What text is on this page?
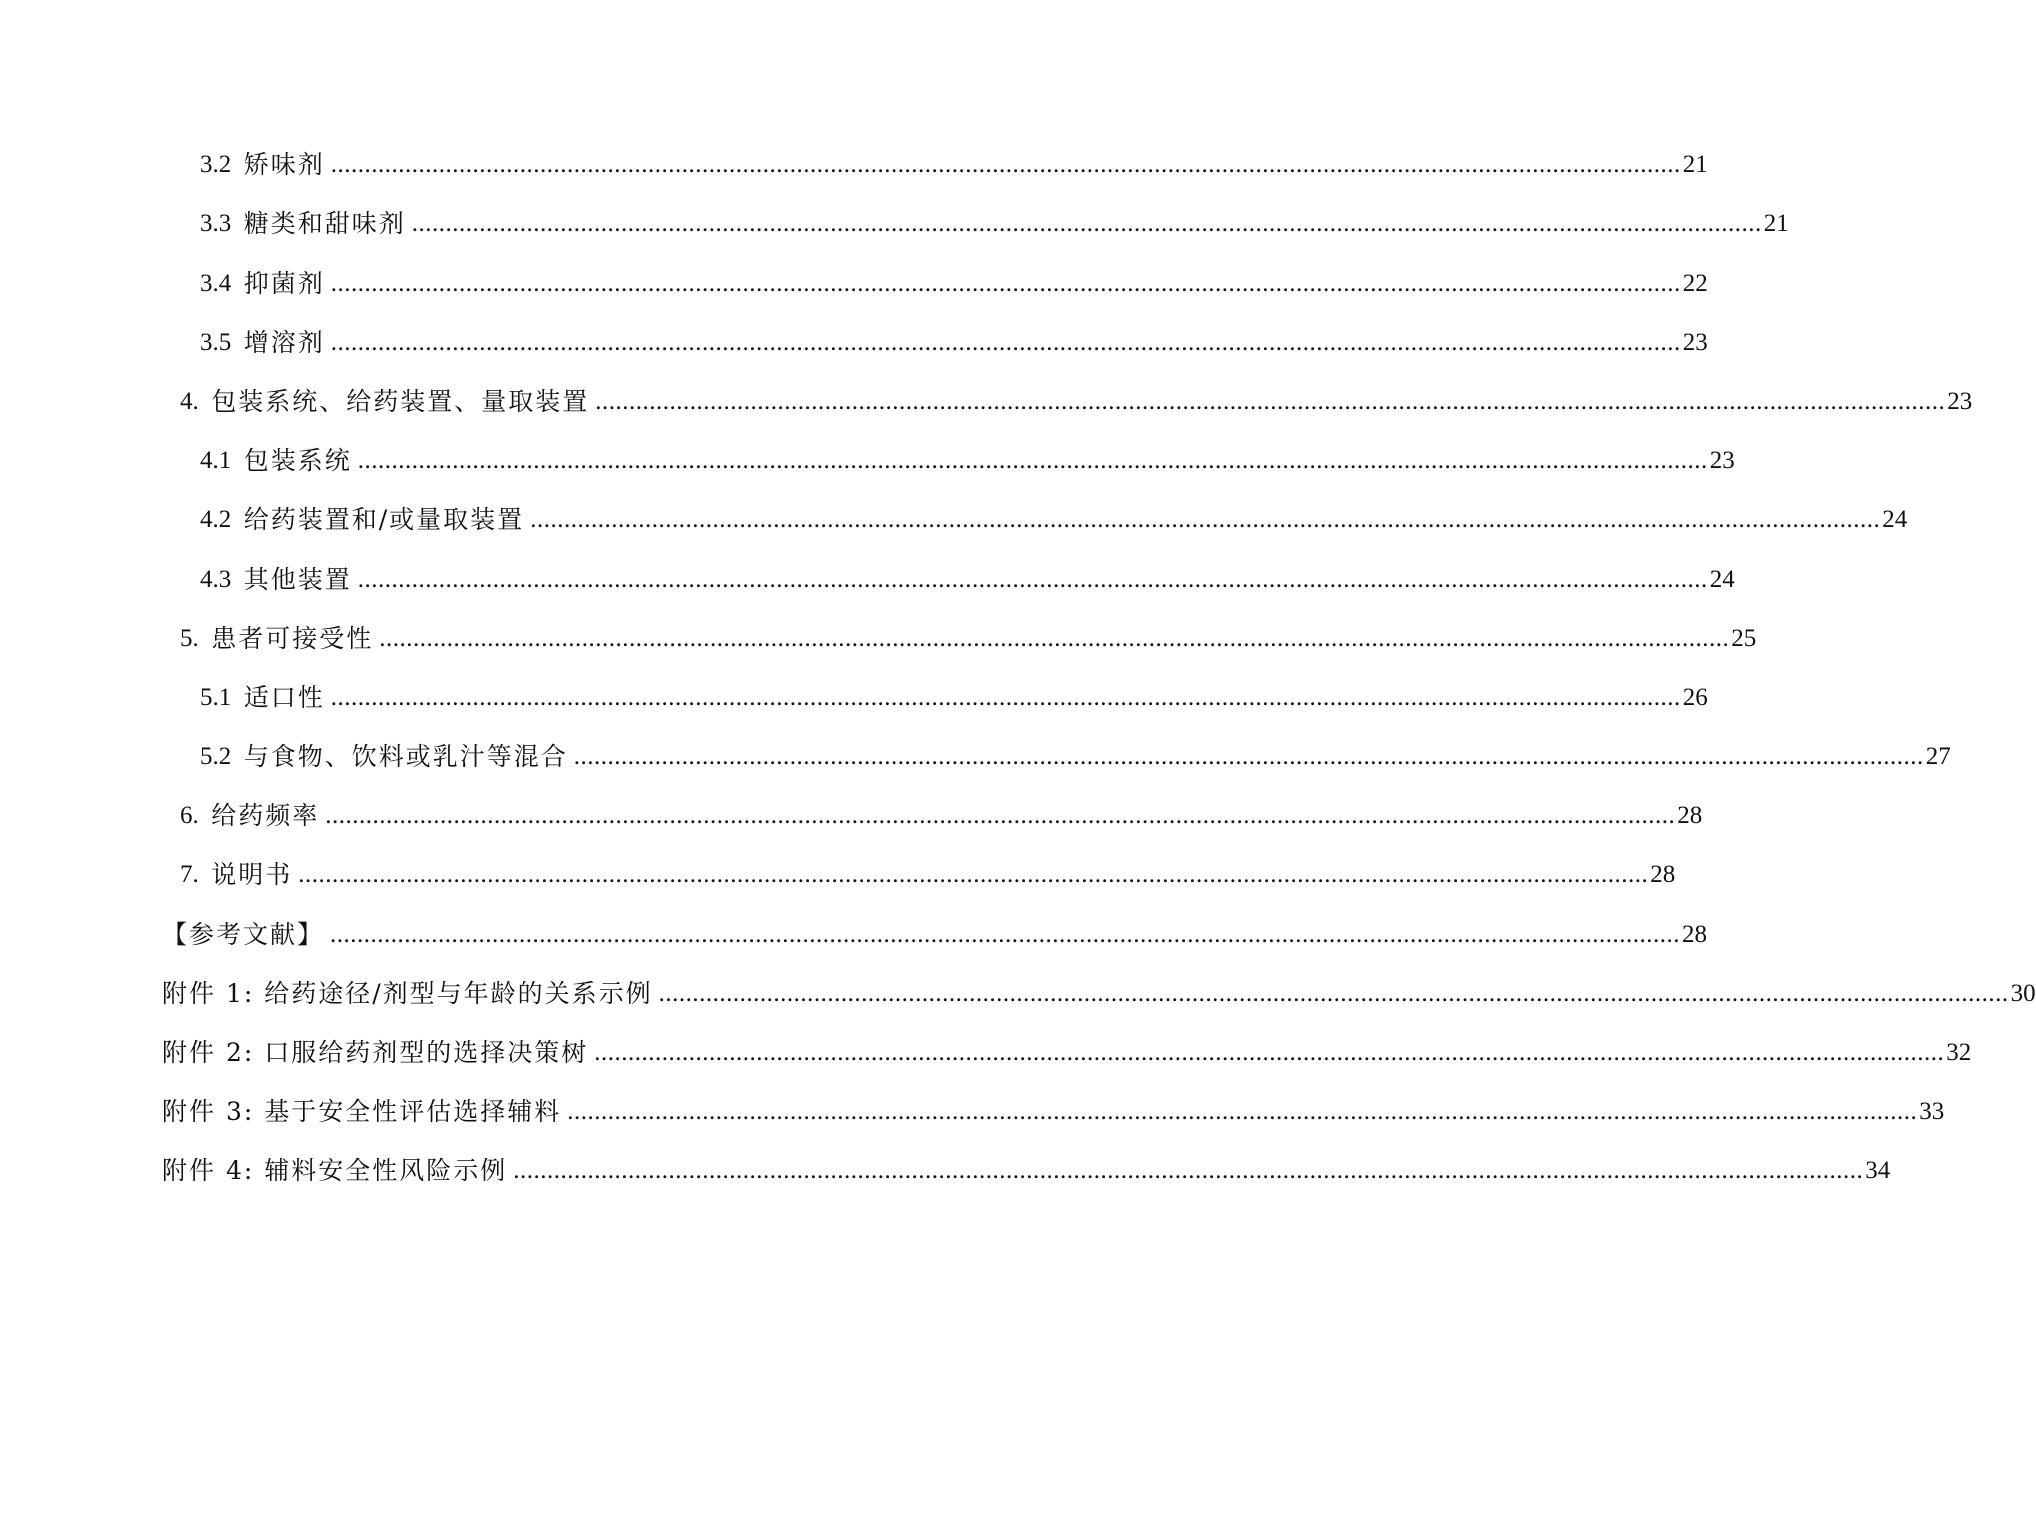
3.2 矫味剂 ........................................................................................................................................................................................................ 21
3.3 糖类和甜味剂 ........................................................................................................................................................................................................ 21
3.4 抑菌剂 ........................................................................................................................................................................................................ 22
3.5 增溶剂 ........................................................................................................................................................................................................ 23
4. 包装系统、给药装置、量取装置 ........................................................................................................................................................................................................ 23
4.1 包装系统 ........................................................................................................................................................................................................ 23
4.2 给药装置和/或量取装置 ........................................................................................................................................................................................................ 24
4.3 其他装置 ........................................................................................................................................................................................................ 24
5. 患者可接受性 ........................................................................................................................................................................................................ 25
5.1 适口性 ........................................................................................................................................................................................................ 26
5.2 与食物、饮料或乳汁等混合 ........................................................................................................................................................................................................ 27
6. 给药频率 ........................................................................................................................................................................................................ 28
7. 说明书 ........................................................................................................................................................................................................ 28
【参考文献】 ........................................................................................................................................................................................................ 28
附件 1: 给药途径/剂型与年龄的关系示例 ........................................................................................................................................................................................................ 30
附件 2: 口服给药剂型的选择决策树 ........................................................................................................................................................................................................ 32
附件 3: 基于安全性评估选择辅料 ........................................................................................................................................................................................................ 33
附件 4: 辅料安全性风险示例 ........................................................................................................................................................................................................ 34
